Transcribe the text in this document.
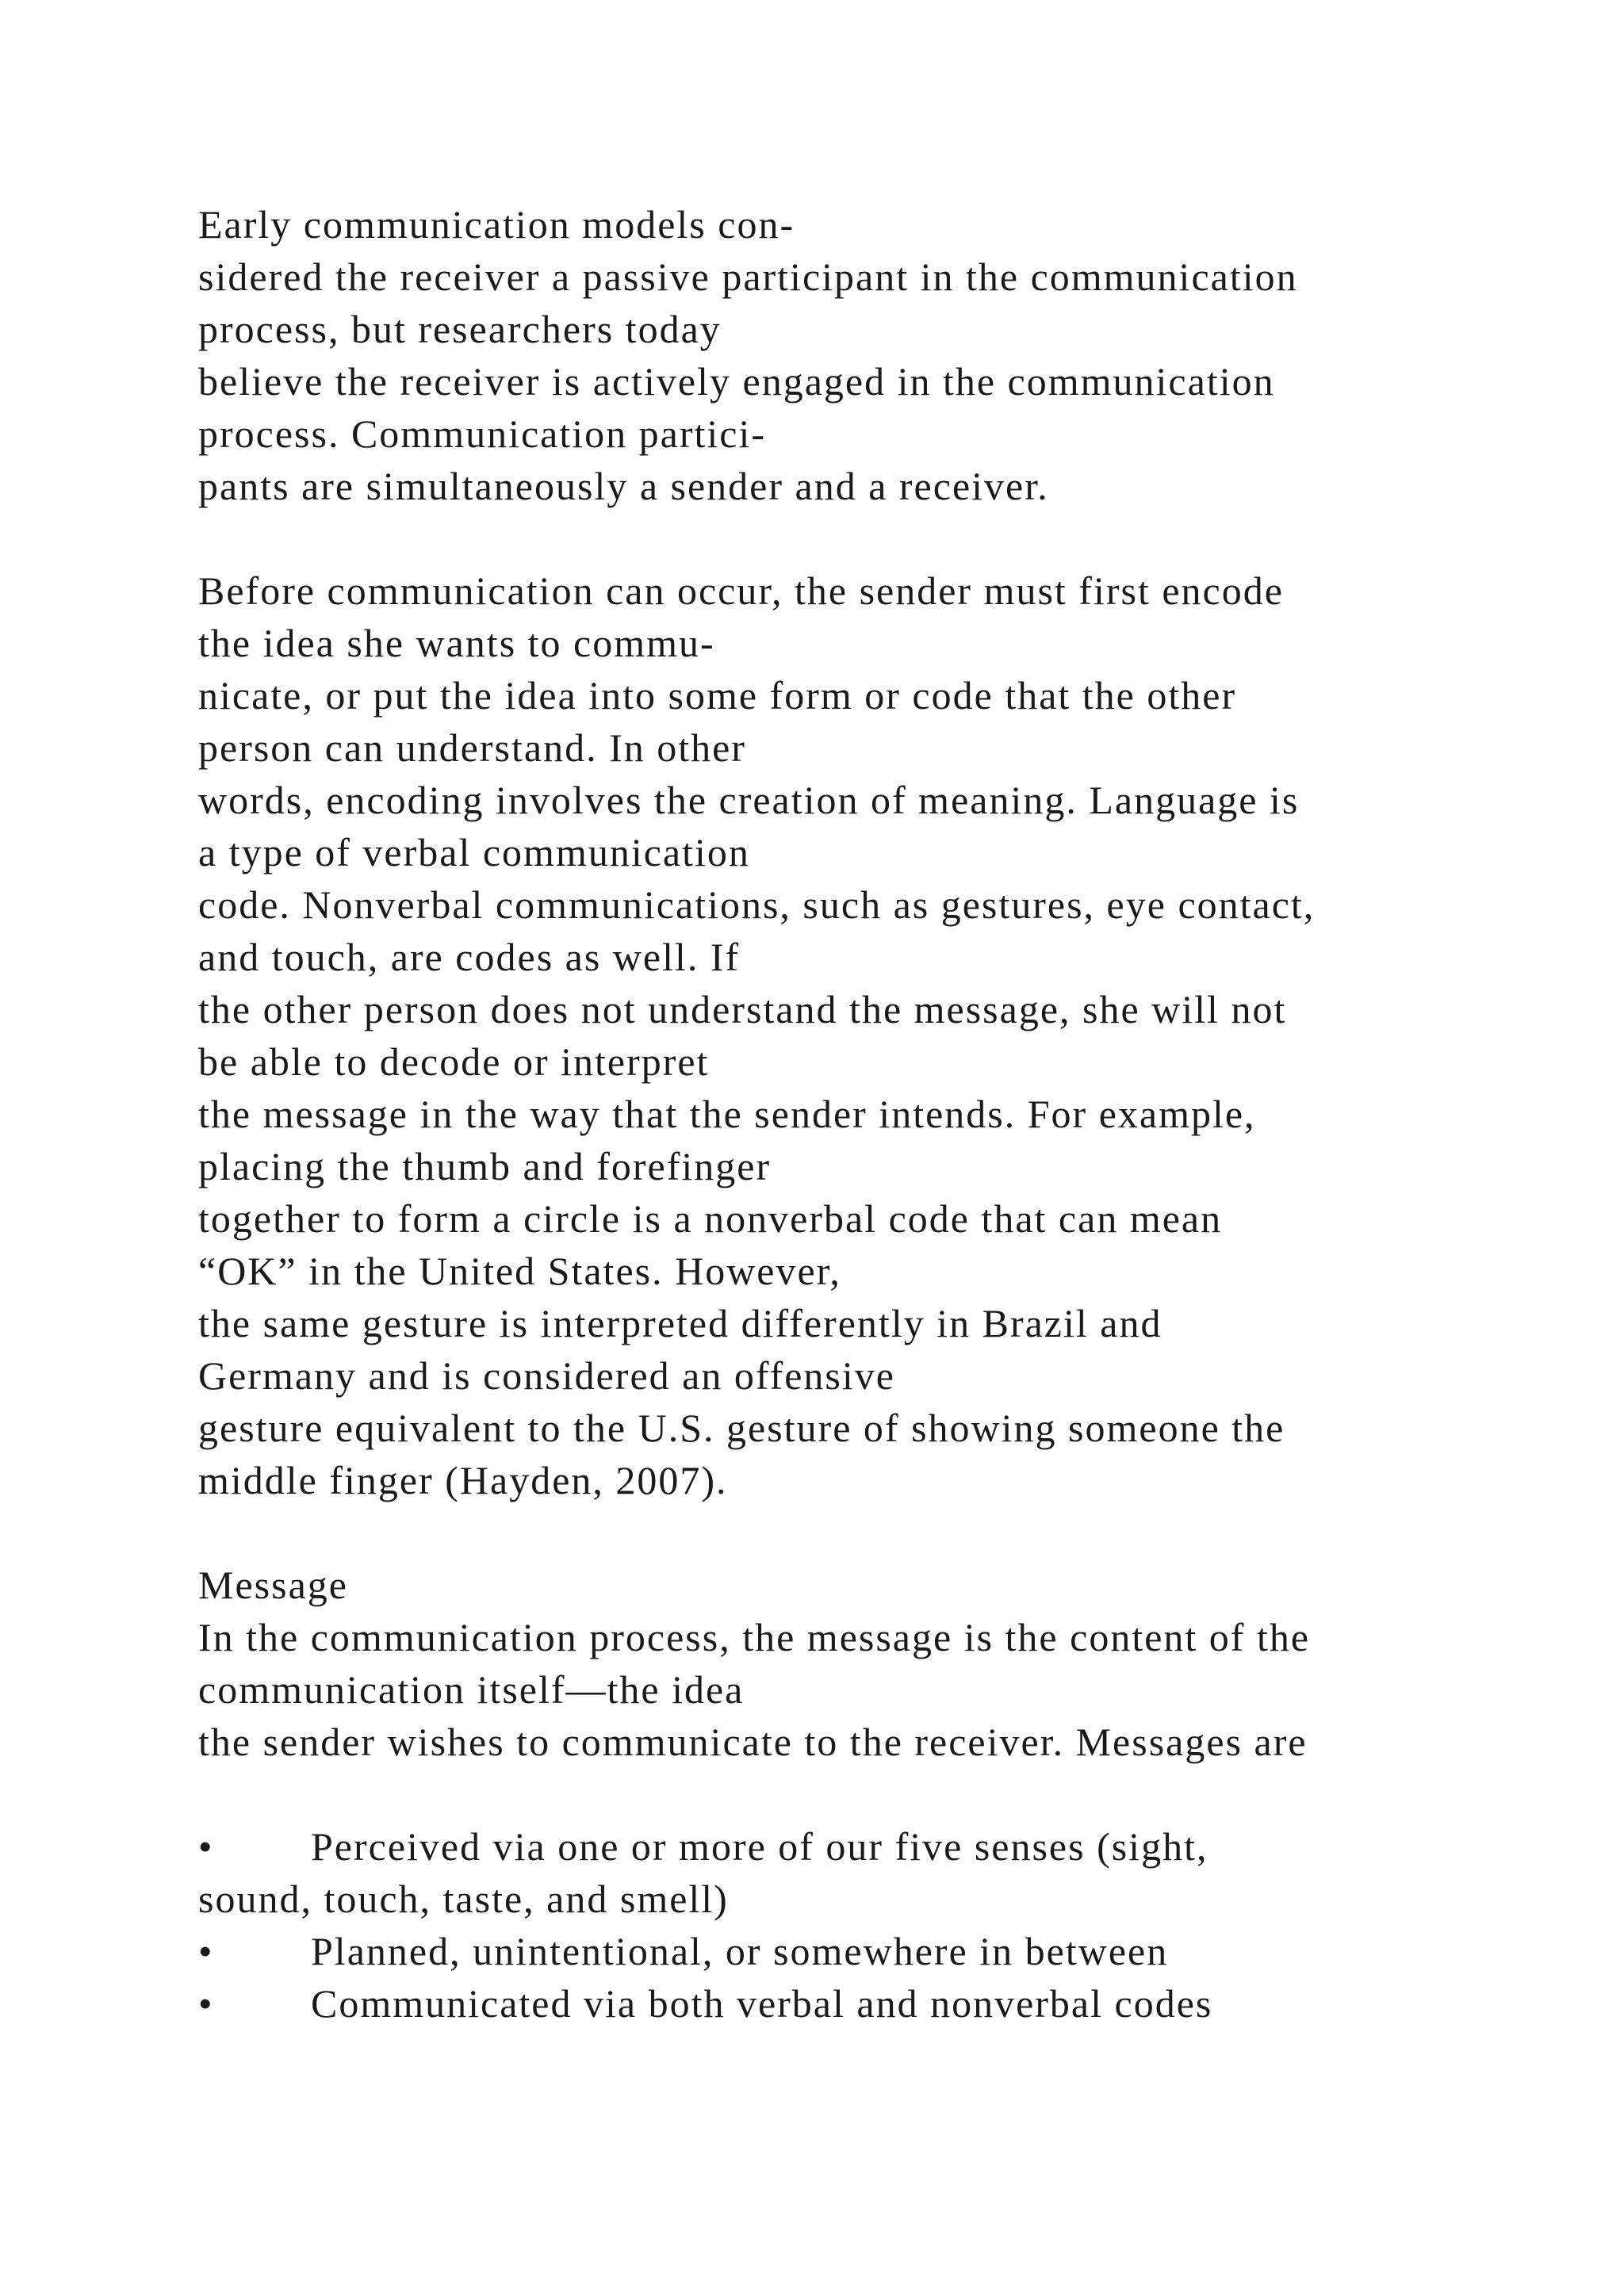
Early communication models con-
sidered the receiver a passive participant in the communication
process, but researchers today
believe the receiver is actively engaged in the communication
process. Communication partici-
pants are simultaneously a sender and a receiver.
Before communication can occur, the sender must first encode
the idea she wants to commu-
nicate, or put the idea into some form or code that the other
person can understand. In other
words, encoding involves the creation of meaning. Language is
a type of verbal communication
code. Nonverbal communications, such as gestures, eye contact,
and touch, are codes as well. If
the other person does not understand the message, she will not
be able to decode or interpret
the message in the way that the sender intends. For example,
placing the thumb and forefinger
together to form a circle is a nonverbal code that can mean
“OK” in the United States. However,
the same gesture is interpreted differently in Brazil and
Germany and is considered an offensive
gesture equivalent to the U.S. gesture of showing someone the
middle finger (Hayden, 2007).
Message
In the communication process, the message is the content of the
communication itself—the idea
the sender wishes to communicate to the receiver. Messages are
• Perceived via one or more of our five senses (sight,
sound, touch, taste, and smell)
• Planned, unintentional, or somewhere in between
• Communicated via both verbal and nonverbal codes
